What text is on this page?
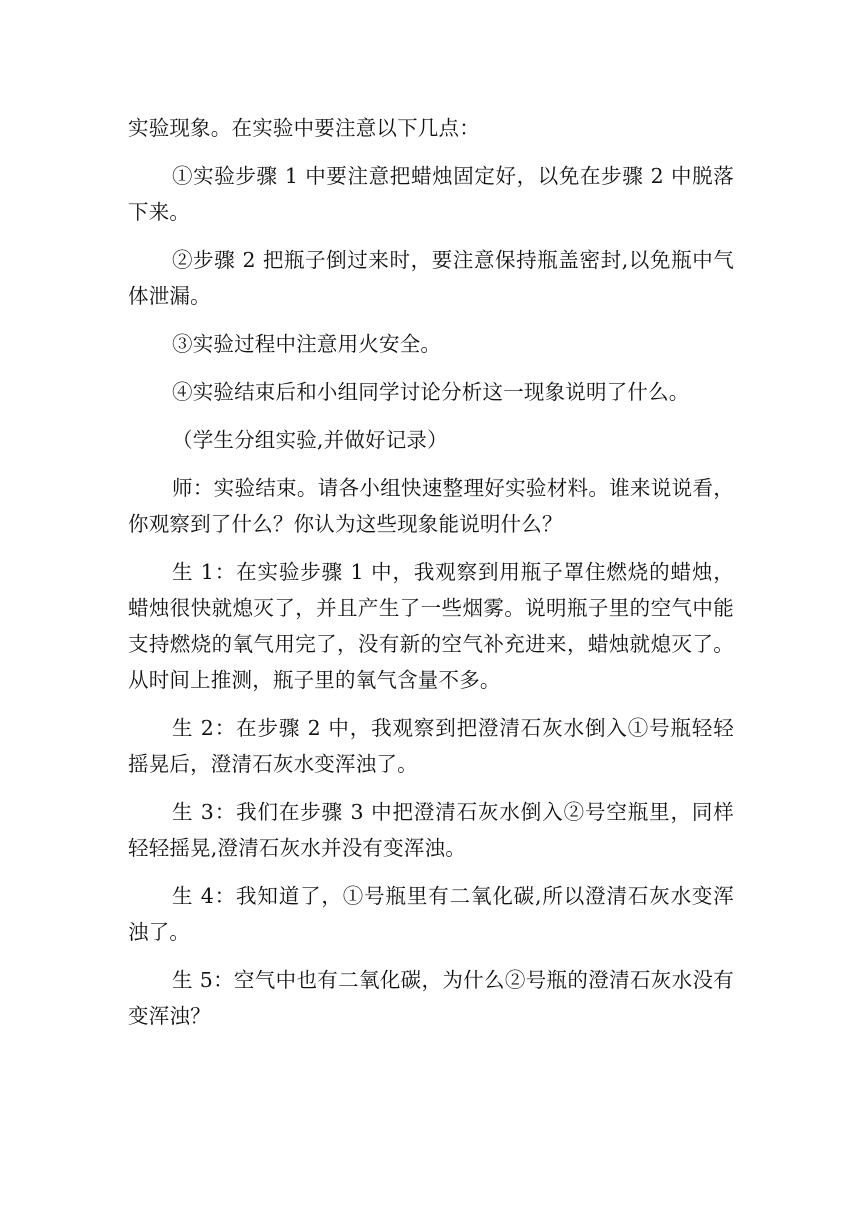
实验现象。在实验中要注意以下几点：

①实验步骤 1 中要注意把蜡烛固定好，以免在步骤 2 中脱落下来。

②步骤 2 把瓶子倒过来时，要注意保持瓶盖密封,以免瓶中气体泄漏。

③实验过程中注意用火安全。

④实验结束后和小组同学讨论分析这一现象说明了什么。

（学生分组实验,并做好记录）

师：实验结束。请各小组快速整理好实验材料。谁来说说看，你观察到了什么？你认为这些现象能说明什么？

生 1：在实验步骤 1 中，我观察到用瓶子罩住燃烧的蜡烛，蜡烛很快就熄灭了，并且产生了一些烟雾。说明瓶子里的空气中能支持燃烧的氧气用完了，没有新的空气补充进来，蜡烛就熄灭了。从时间上推测，瓶子里的氧气含量不多。

生 2：在步骤 2 中，我观察到把澄清石灰水倒入①号瓶轻轻摇晃后，澄清石灰水变浑浊了。

生 3：我们在步骤 3 中把澄清石灰水倒入②号空瓶里，同样轻轻摇晃,澄清石灰水并没有变浑浊。

生 4：我知道了，①号瓶里有二氧化碳,所以澄清石灰水变浑浊了。

生 5：空气中也有二氧化碳，为什么②号瓶的澄清石灰水没有变浑浊？
